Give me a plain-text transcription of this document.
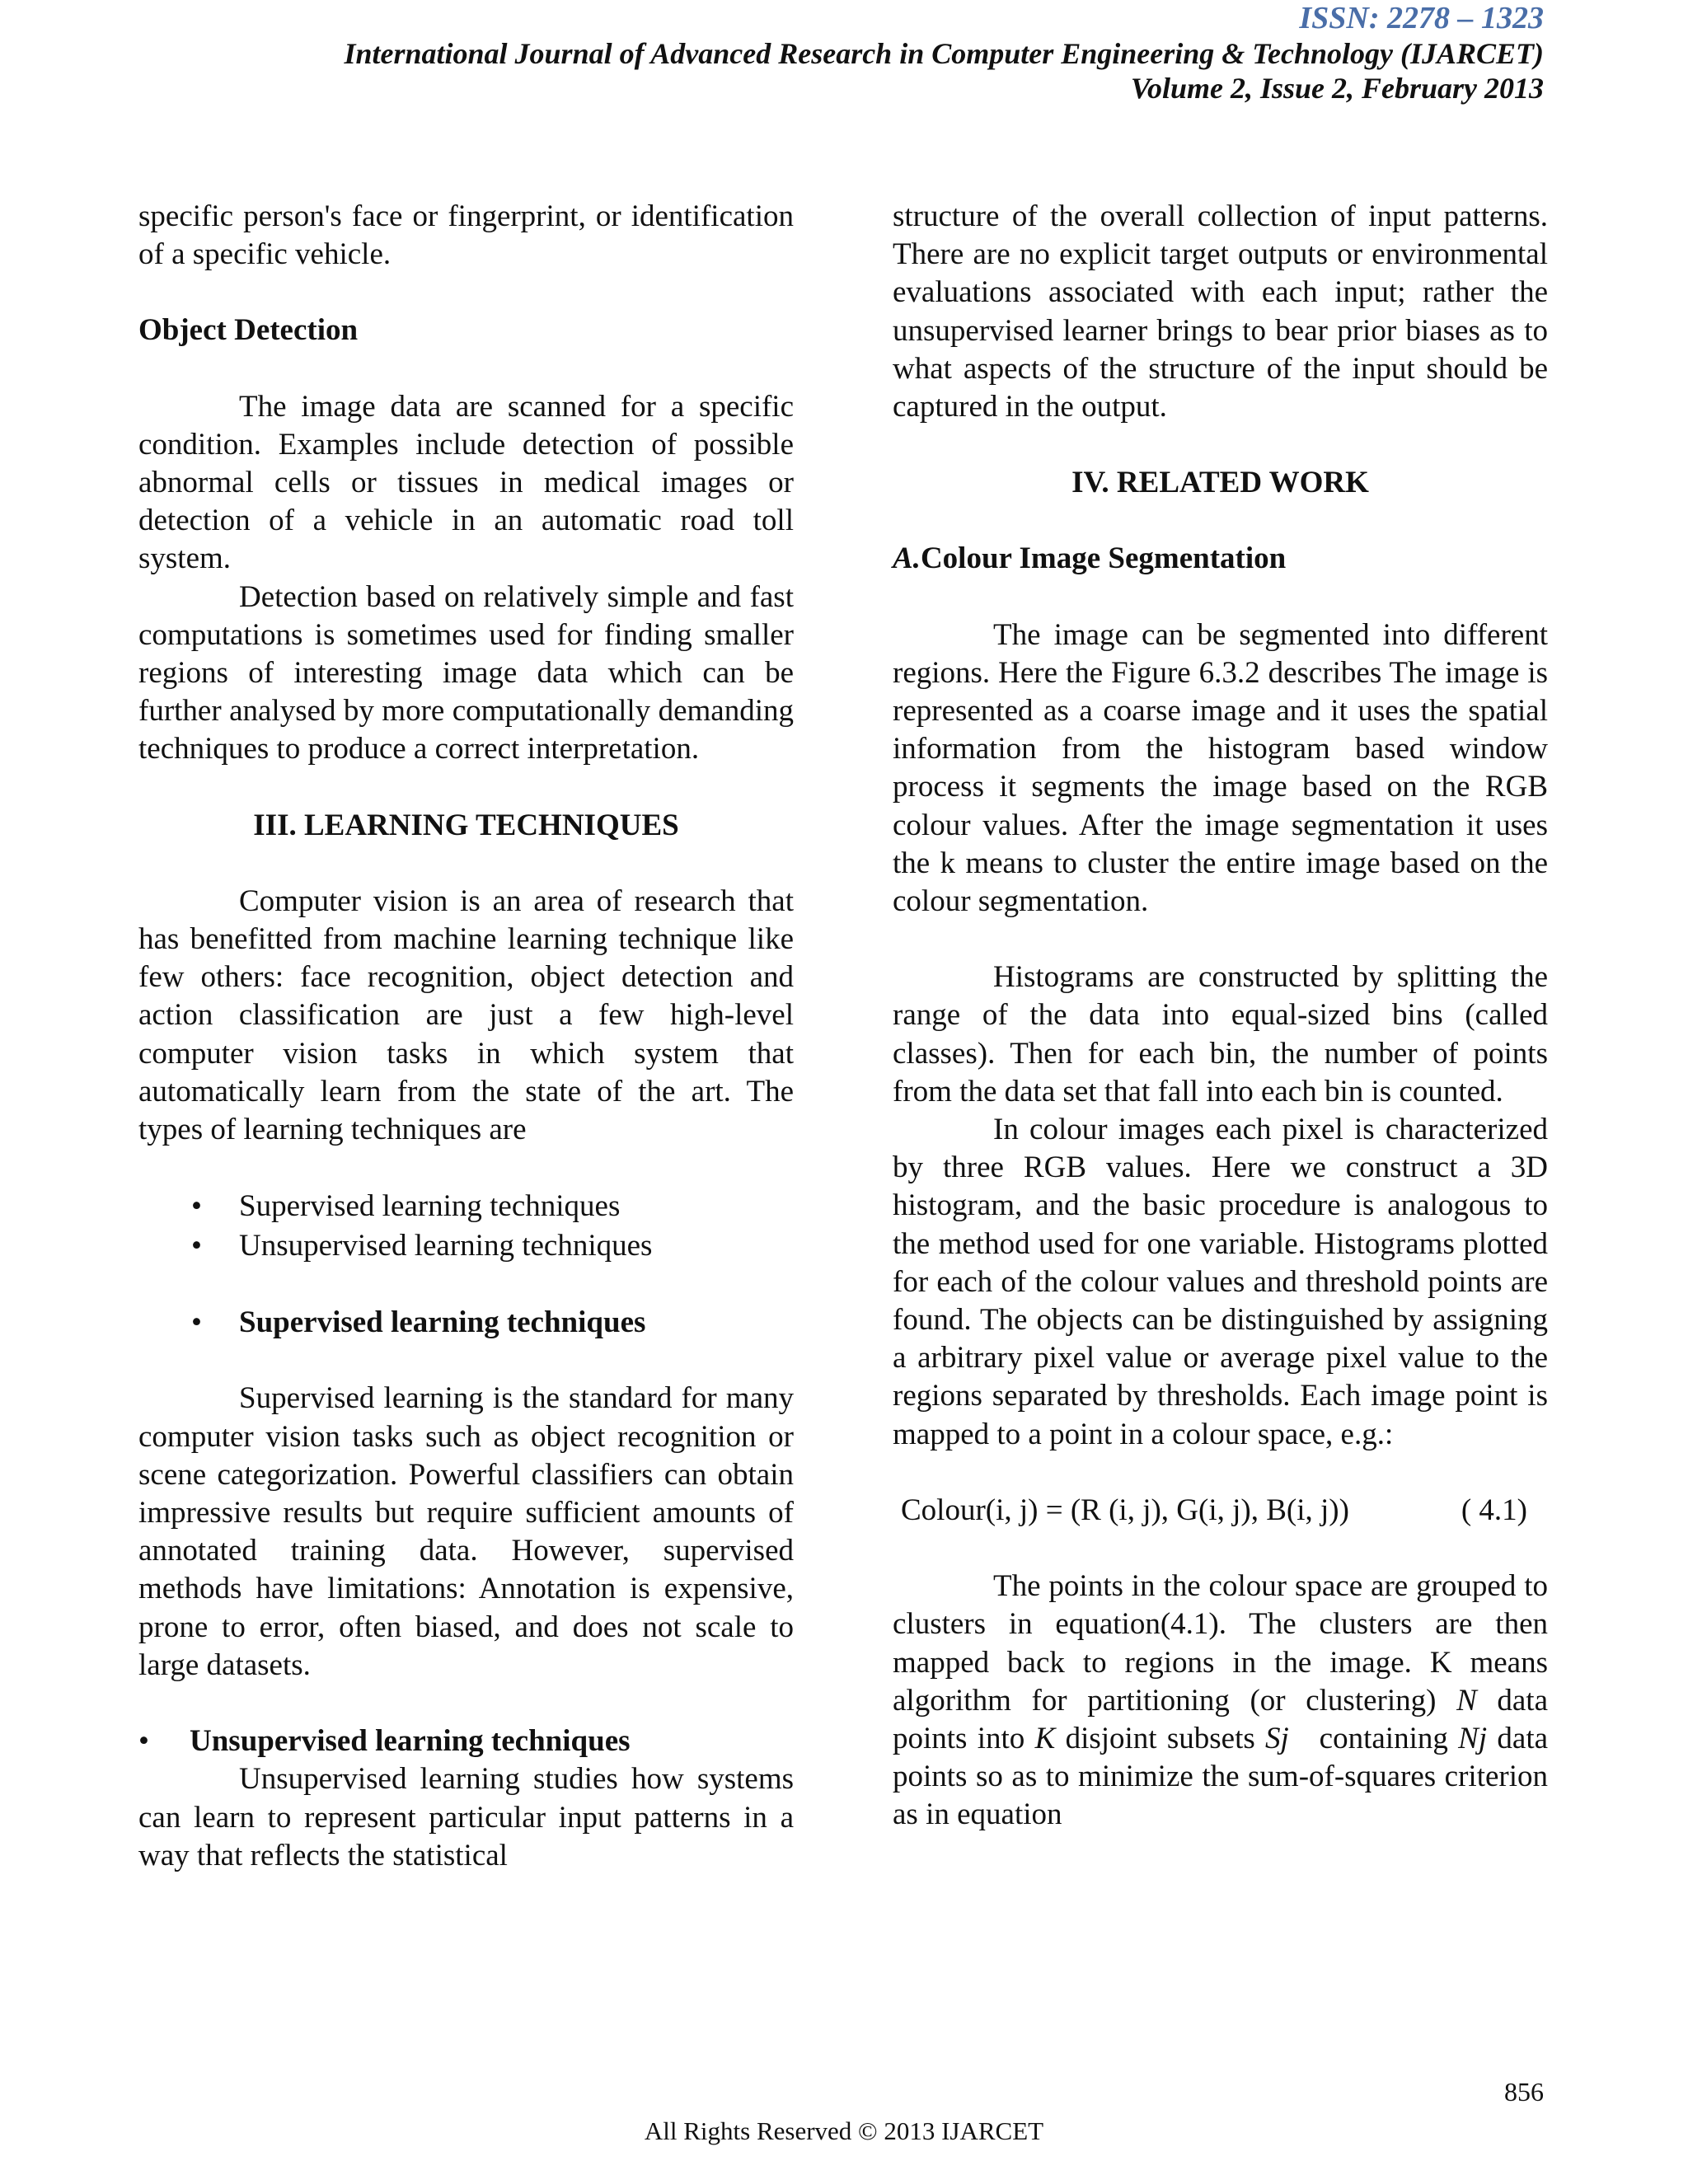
ISSN: 2278 – 1323
International Journal of Advanced Research in Computer Engineering & Technology (IJARCET)
Volume 2, Issue 2, February 2013

specific person's face or fingerprint, or identification of a specific vehicle.

Object Detection

The image data are scanned for a specific condition. Examples include detection of possible abnormal cells or tissues in medical images or detection of a vehicle in an automatic road toll system.

Detection based on relatively simple and fast computations is sometimes used for finding smaller regions of interesting image data which can be further analysed by more computationally demanding techniques to produce a correct interpretation.

III. LEARNING TECHNIQUES

Computer vision is an area of research that has benefitted from machine learning technique like few others: face recognition, object detection and action classification are just a few high-level computer vision tasks in which system that automatically learn from the state of the art. The types of learning techniques are

• Supervised learning techniques
• Unsupervised learning techniques

• Supervised learning techniques

Supervised learning is the standard for many computer vision tasks such as object recognition or scene categorization. Powerful classifiers can obtain impressive results but require sufficient amounts of annotated training data. However, supervised methods have limitations: Annotation is expensive, prone to error, often biased, and does not scale to large datasets.

• Unsupervised learning techniques

Unsupervised learning studies how systems can learn to represent particular input patterns in a way that reflects the statistical

structure of the overall collection of input patterns. There are no explicit target outputs or environmental evaluations associated with each input; rather the unsupervised learner brings to bear prior biases as to what aspects of the structure of the input should be captured in the output.

IV. RELATED WORK

A.Colour Image Segmentation

The image can be segmented into different regions. Here the Figure 6.3.2 describes The image is represented as a coarse image and it uses the spatial information from the histogram based window process it segments the image based on the RGB colour values. After the image segmentation it uses the k means to cluster the entire image based on the colour segmentation.

Histograms are constructed by splitting the range of the data into equal-sized bins (called classes). Then for each bin, the number of points from the data set that fall into each bin is counted.

In colour images each pixel is characterized by three RGB values. Here we construct a 3D histogram, and the basic procedure is analogous to the method used for one variable. Histograms plotted for each of the colour values and threshold points are found. The objects can be distinguished by assigning a arbitrary pixel value or average pixel value to the regions separated by thresholds. Each image point is mapped to a point in a colour space, e.g.:

Colour(i, j) = (R (i, j), G(i, j), B(i, j))	( 4.1)

The points in the colour space are grouped to clusters in equation(4.1). The clusters are then mapped back to regions in the image. K means algorithm for partitioning (or clustering) N data points into K disjoint subsets Sj containing Nj data points so as to minimize the sum-of-squares criterion as in equation

856
All Rights Reserved © 2013 IJARCET
